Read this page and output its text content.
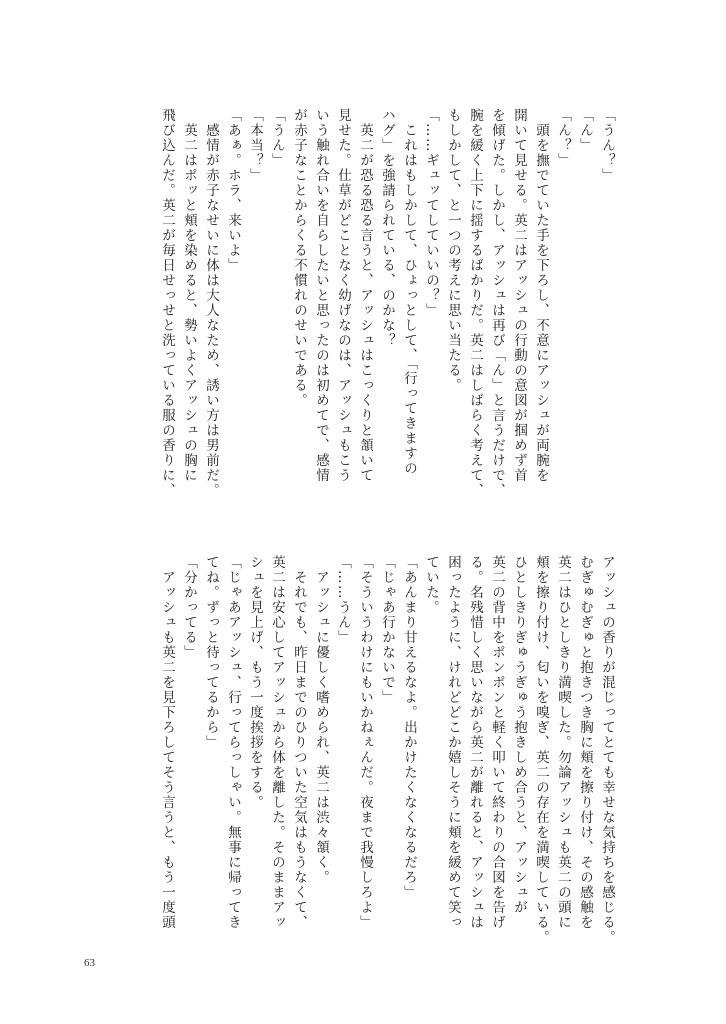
「うん？」
「ん」
「ん？」
　頭を撫でていた手を下ろし、不意にアッシュが両腕を
開いて見せる。英二はアッシュの行動の意図が掴めず首
を傾げた。しかし、アッシュは再び「ん」と言うだけで、
腕を緩く上下に揺するばかりだ。英二はしばらく考えて、
もしかして、と一つの考えに思い当たる。
「……ギュッてしていいの？」
　これはもしかして、ひょっとして、「行ってきますの
ハグ」を強請られている、のかな？
　英二が恐る恐る言うと、アッシュはこっくりと頷いて
見せた。仕草がどことなく幼げなのは、アッシュもこう
いう触れ合いを自らしたいと思ったのは初めてで、感情
が赤子なことからくる不慣れのせいである。
「うん」
「本当？」
「あぁ。ホラ、来いよ」
　感情が赤子なせいに体は大人なため、誘い方は男前だ。
　英二はポッと頬を染めると、勢いよくアッシュの胸に
飛び込んだ。英二が毎日せっせと洗っている服の香りに、
アッシュの香りが混じってとても幸せな気持ちを感じる。
むぎゅむぎゅと抱きつき胸に頬を擦り付け、その感触を
英二はひとしきり満喫した。勿論アッシュも英二の頭に
頬を擦り付け、匂いを嗅ぎ、英二の存在を満喫している。
ひとしきりぎゅうぎゅう抱きしめ合うと、アッシュが
英二の背中をポンポンと軽く叩いて終わりの合図を告げ
る。名残惜しく思いながら英二が離れると、アッシュは
困ったように、けれどどこか嬉しそうに頬を緩めて笑っ
ていた。
「あんまり甘えるなよ。出かけたくなくなるだろ」
「じゃあ行かないで」
「そういうわけにもいかねぇんだ。夜まで我慢しろよ」
「……うん」
　アッシュに優しく嗜められ、英二は渋々頷く。
　それでも、昨日までのひりついた空気はもうなくて、
英二は安心してアッシュから体を離した。そのままアッ
シュを見上げ、もう一度挨拶をする。
「じゃあアッシュ、行ってらっしゃい。無事に帰ってき
てね。ずっと待ってるから」
「分かってる」
　アッシュも英二を見下ろしてそう言うと、もう一度頭
63
